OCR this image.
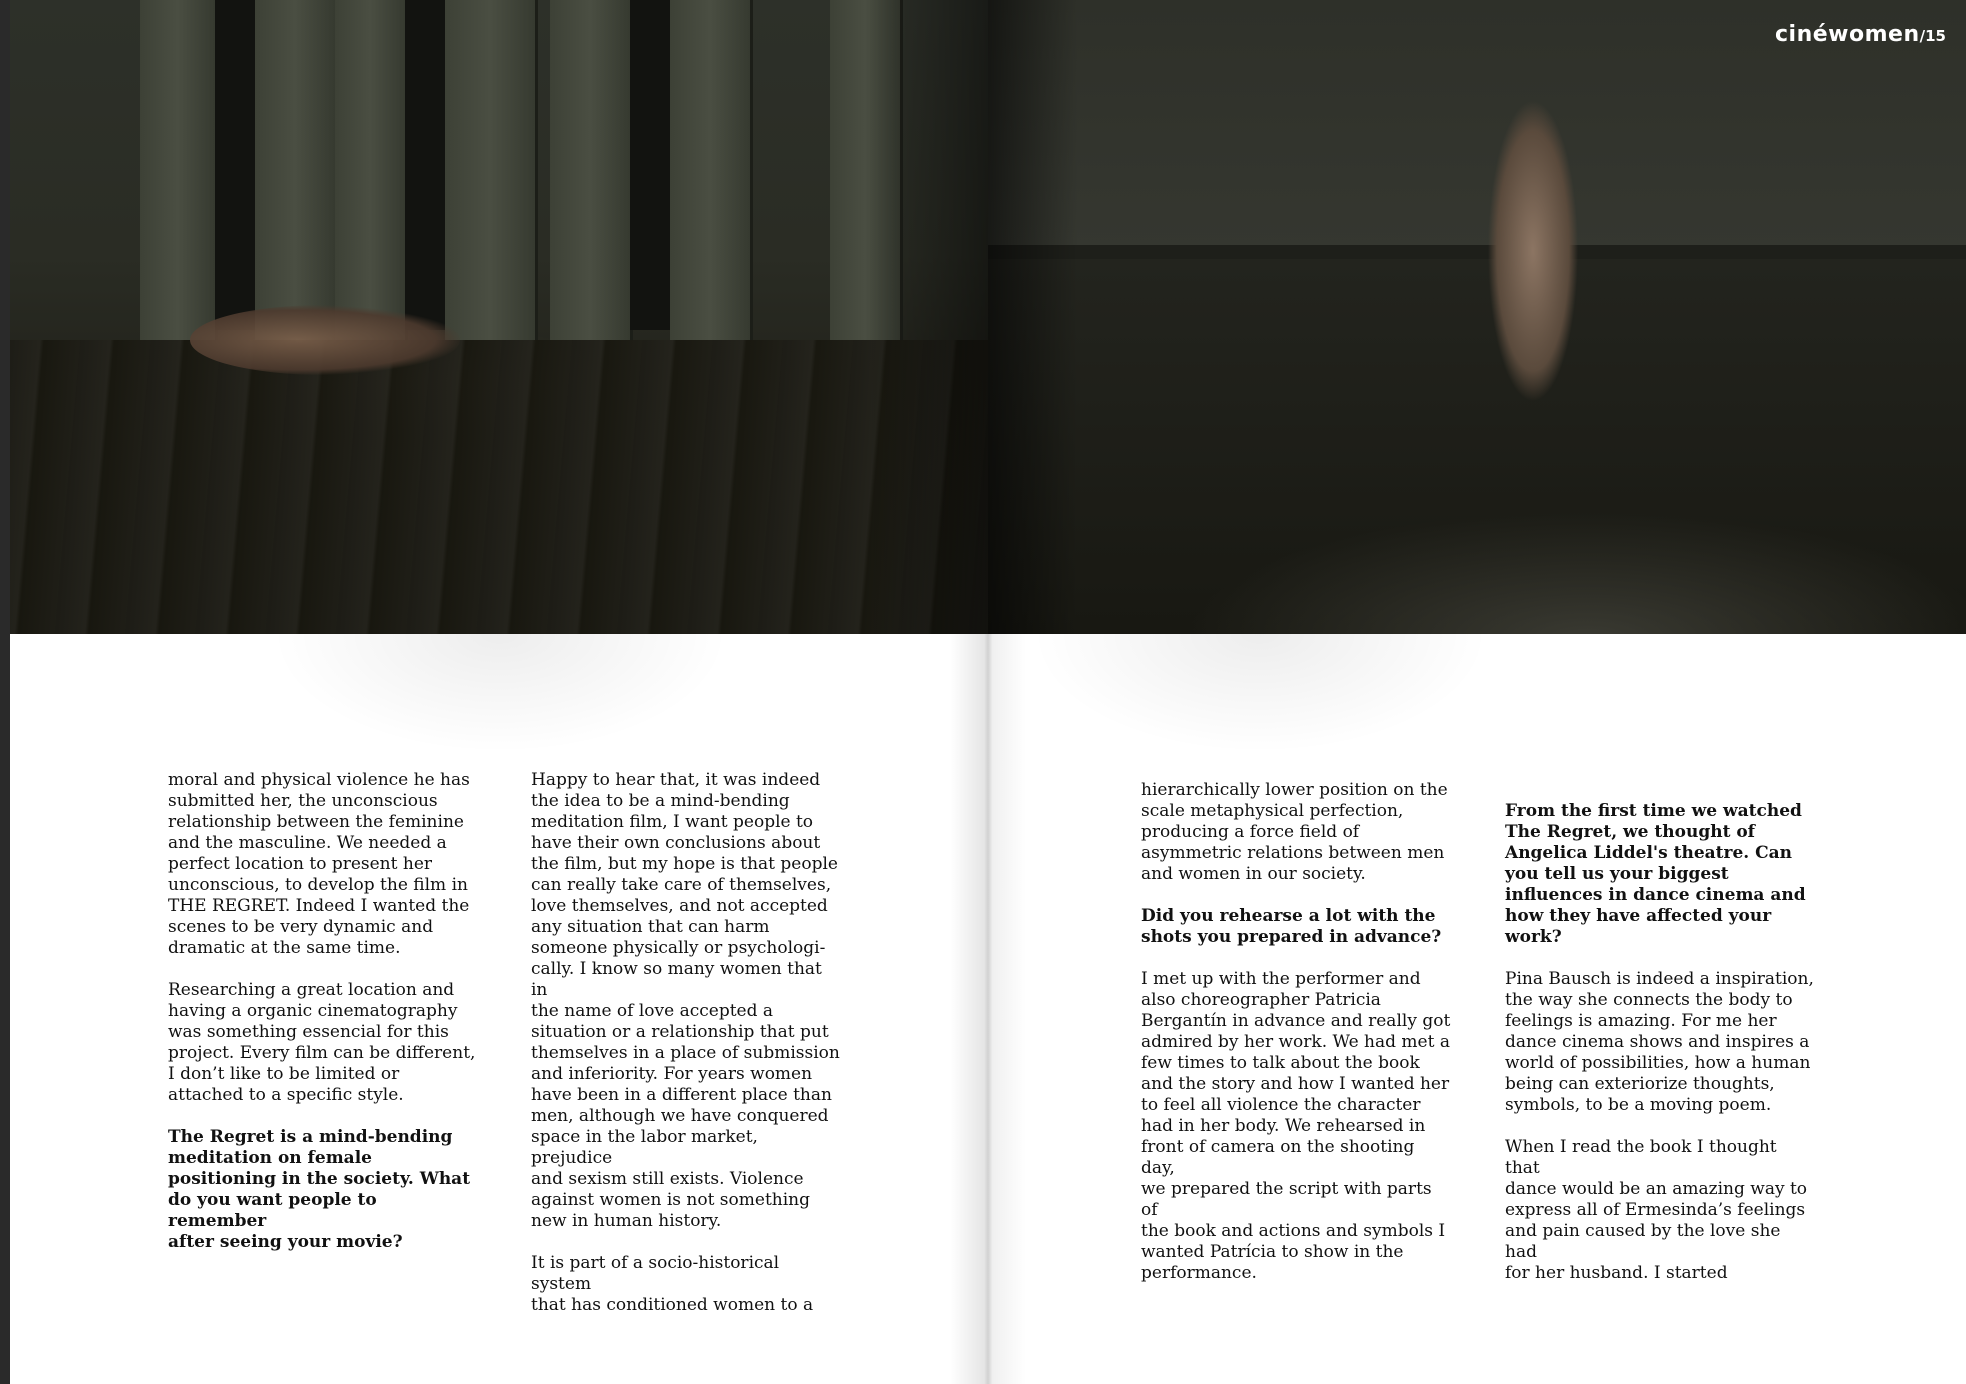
cinéwomen/15

moral and physical violence he has
submitted her, the unconscious
relationship between the feminine
and the masculine. We needed a
perfect location to present her
unconscious, to develop the film in
THE REGRET. Indeed I wanted the
scenes to be very dynamic and
dramatic at the same time.

Researching a great location and
having a organic cinematography
was something essencial for this
project. Every film can be different,
I don’t like to be limited or
attached to a specific style.

The Regret is a mind-bending
meditation on female
positioning in the society. What
do you want people to remember
after seeing your movie?

Happy to hear that, it was indeed
the idea to be a mind-bending
meditation film, I want people to
have their own conclusions about
the film, but my hope is that people
can really take care of themselves,
love themselves, and not accepted
any situation that can harm
someone physically or psychologi-
cally. I know so many women that in
the name of love accepted a
situation or a relationship that put
themselves in a place of submission
and inferiority. For years women
have been in a different place than
men, although we have conquered
space in the labor market, prejudice
and sexism still exists. Violence
against women is not something
new in human history.

It is part of a socio-historical system
that has conditioned women to a

hierarchically lower position on the
scale metaphysical perfection,
producing a force field of
asymmetric relations between men
and women in our society.

Did you rehearse a lot with the
shots you prepared in advance?

I met up with the performer and
also choreographer Patricia
Bergantín in advance and really got
admired by her work. We had met a
few times to talk about the book
and the story and how I wanted her
to feel all violence the character
had in her body. We rehearsed in
front of camera on the shooting day,
we prepared the script with parts of
the book and actions and symbols I
wanted Patrícia to show in the
performance.

From the first time we watched
The Regret, we thought of
Angelica Liddel's theatre. Can
you tell us your biggest
influences in dance cinema and
how they have affected your
work?

Pina Bausch is indeed a inspiration,
the way she connects the body to
feelings is amazing. For me her
dance cinema shows and inspires a
world of possibilities, how a human
being can exteriorize thoughts,
symbols, to be a moving poem.

When I read the book I thought that
dance would be an amazing way to
express all of Ermesinda’s feelings
and pain caused by the love she had
for her husband. I started
